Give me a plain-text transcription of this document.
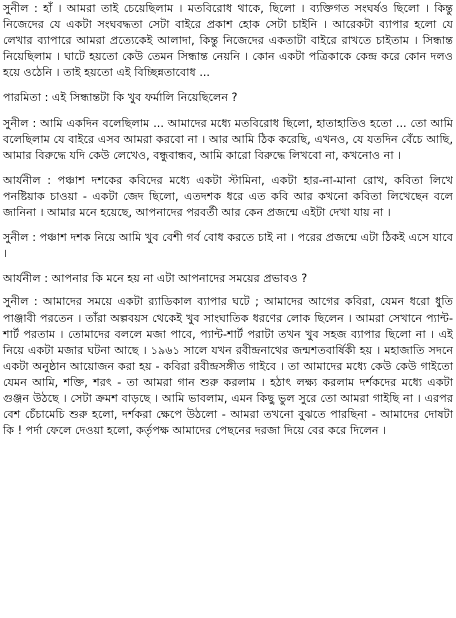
সুনীল : হাঁ । আমরা তাই চেয়েছিলাম । মতবিরোধ থাকে, ছিলো । ব্যক্তিগত সংঘর্ষও ছিলো । কিন্তু নিজেদের যে একটা সংঘবদ্ধতা সেটা বাইরে প্রকাশ হোক সেটা চাইনি । আরেকটা ব্যাপার হলো যে লেখার ব্যাপারে আমরা প্রত্যেকেই আলাদা, কিন্তু নিজেদের একতাটা বাইরে রাখতে চাইতাম । সিন্ধান্ত নিয়েছিলাম । ঘাটে হয়তো কেউ তেমন সিন্ধান্ত নেয়নি । কোন একটা পত্রিকাকে কেন্দ্র করে কোন দলও হয়ে ওঠেনি । তাই হয়তো এই বিচ্ছিন্নতাবোধ ...

পারমিতা : এই সিন্ধান্তটা কি খুব ফর্মালি নিয়েছিলেন ?

সুনীল : আমি একদিন বলেছিলাম ... আমাদের মধ্যে মতবিরোধ ছিলো, হাতাহাতিও হতো ... তো আমি বলেছিলাম যে বাইরে এসব আমরা করবো না । আর আমি ঠিক করেছি, এখনও, যে যতদিন বেঁচে আছি, আমার বিরুদ্ধে যদি কেউ লেখেও, বন্ধুবান্ধব, আমি কারো বিরুদ্ধে লিখবো না, কখনোও না ।

আর্যনীল : পঞ্চাশ দশকের কবিদের মধ্যে একটা স্টামিনা, একটা হার-না-মানা রোখ, কবিতা লিখে পনষ্টিয়াক চাওয়া - একটা জেদ ছিলো, এতদশক ধরে এত কবি আর কখনো কবিতা লিখেছেন বলে জানিনা । আমার মনে হয়েছে, আপনাদের পরবর্তী আর কেন প্রজন্মে এইটা দেখা যায় না ।

সুনীল : পঞ্চাশ দশক নিয়ে আমি খুব বেশী গর্ব বোধ করতে চাই না । পরের প্রজন্মে এটা ঠিকই এসে যাবে ।

আর্যনীল : আপনার কি মনে হয় না এটা আপনাদের সময়ের প্রভাবও ?

সুনীল : আমাদের সময়ে একটা র‍্যাডিকাল ব্যাপার ঘটে ; আমাদের আগের কবিরা, যেমন ধরো ধুতি পাঞ্জাবী পরতেন । তাঁরা অল্পবয়স থেকেই খুব সাংঘাতিক ধরণের লোক ছিলেন । আমরা সেখানে প্যান্ট-শার্ট পরতাম । তোমাদের বললে মজা পাবে, প্যান্ট-শার্ট পরাটা তখন খুব সহজ ব্যাপার ছিলো না । এই নিয়ে একটা মজার ঘটনা আছে । ১৯৬১ সালে যখন রবীন্দ্রনাথের জন্মশতবার্ষিকী হয় । মহাজাতি সদনে একটা অনুষ্ঠান আয়োজন করা হয় - কবিরা রবীন্দ্রসঙ্গীত গাইবে । তা আমাদের মধ্যে কেউ কেউ গাইতো যেমন আমি, শক্তি, শরৎ - তা আমরা গান শুরু করলাম । হঠাৎ লক্ষ্য করলাম দর্শকদের মধ্যে একটা গুঞ্জন উঠছে । সেটা ক্রমশ বাড়ছে । আমি ভাবলাম, এমন কিছু ভুল সুরে তো আমরা গাইছি না । এরপর বেশ চেঁচামেচি শুরু হলো, দর্শকরা ক্ষেপে উঠলো - আমরা তখনো বুঝতে পারছিনা - আমাদের দোষটা কি ! পর্দা ফেলে দেওয়া হলো, কর্তৃপক্ষ আমাদের পেছনের দরজা দিয়ে বের করে দিলেন ।
